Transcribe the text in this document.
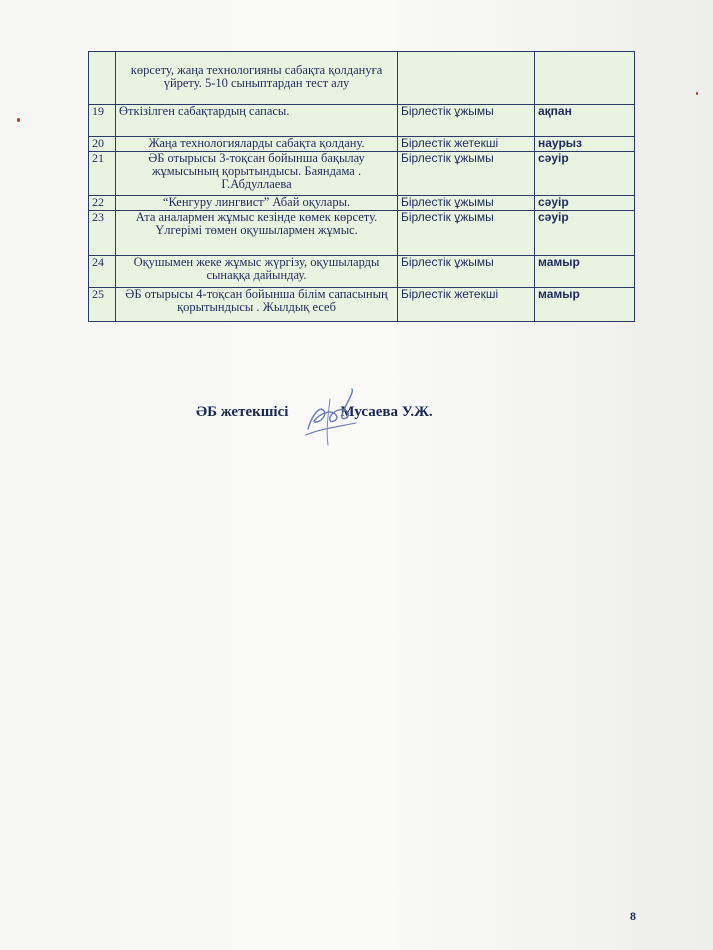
	көрсету, жаңа технологияны сабақта қолдануға үйрету. 5-10 сыныптардан тест алу		
19	Өткізілген сабақтардың сапасы.	Бірлестік ұжымы	ақпан
20	Жаңа технологияларды сабақта қолдану.	Бірлестік жетекші	наурыз
21	ӘБ отырысы 3-тоқсан бойынша бақылау жұмысының қорытындысы. Баяндама . Г.Абдуллаева	Бірлестік ұжымы	сәуір
22	“Кенгуру лингвист” Абай оқулары.	Бірлестік ұжымы	сәуір
23	Ата аналармен жұмыс кезінде көмек көрсету. Үлгерімі төмен оқушылармен жұмыс.	Бірлестік ұжымы	сәуір
24	Оқушымен жеке жұмыс жүргізу, оқушыларды сынаққа дайындау.	Бірлестік ұжымы	мамыр
25	ӘБ отырысы 4-тоқсан бойынша білім сапасының қорытындысы . Жылдық есеб	Бірлестік жетекші	мамыр
ӘБ жетекшісі	Мусаева У.Ж.
8
